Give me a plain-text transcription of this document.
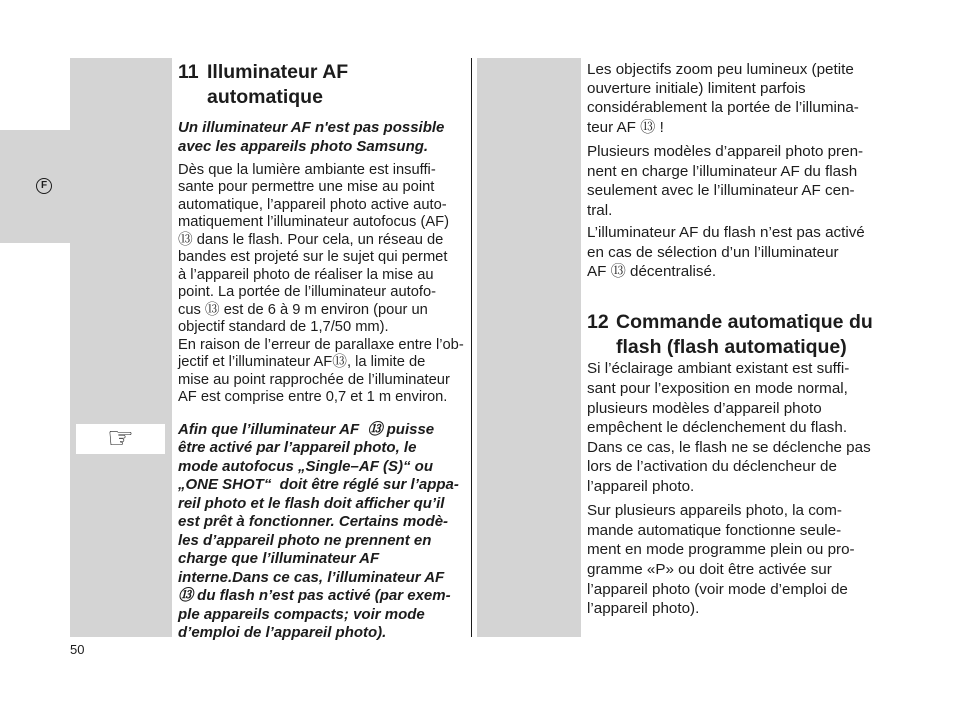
F
☞
11 Illuminateur AF
automatique
Un illuminateur AF n'est pas possible
avec les appareils photo Samsung.
Dès que la lumière ambiante est insuffi-
sante pour permettre une mise au point
automatique, l’appareil photo active auto-
matiquement l’illuminateur autofocus (AF)
⑬ dans le flash. Pour cela, un réseau de
bandes est projeté sur le sujet qui permet
à l’appareil photo de réaliser la mise au
point. La portée de l’illuminateur autofo-
cus ⑬ est de 6 à 9 m environ (pour un
objectif standard de 1,7/50 mm).
En raison de l’erreur de parallaxe entre l’ob-
jectif et l’illuminateur AF⑬, la limite de
mise au point rapprochée de l’illuminateur
AF est comprise entre 0,7 et 1 m environ.
Afin que l’illuminateur AF  ⑬ puisse
être activé par l’appareil photo, le
mode autofocus „Single–AF (S)“ ou
„ONE SHOT“  doit être réglé sur l’appa-
reil photo et le flash doit afficher qu’il
est prêt à fonctionner. Certains modè-
les d’appareil photo ne prennent en
charge que l’illuminateur AF
interne.Dans ce cas, l’illuminateur AF
⑬ du flash n’est pas activé (par exem-
ple appareils compacts; voir mode
d’emploi de l’appareil photo).
Les objectifs zoom peu lumineux (petite
ouverture initiale) limitent parfois
considérablement la portée de l’illumina-
teur AF ⑬ !
Plusieurs modèles d’appareil photo pren-
nent en charge l’illuminateur AF du flash
seulement avec le l’illuminateur AF cen-
tral.
L’illuminateur AF du flash n’est pas activé
en cas de sélection d’un l’illuminateur
AF ⑬ décentralisé.
12 Commande automatique du
flash (flash automatique)
Si l’éclairage ambiant existant est suffi-
sant pour l’exposition en mode normal,
plusieurs modèles d’appareil photo
empêchent le déclenchement du flash.
Dans ce cas, le flash ne se déclenche pas
lors de l’activation du déclencheur de
l’appareil photo.
Sur plusieurs appareils photo, la com-
mande automatique fonctionne seule-
ment en mode programme plein ou pro-
gramme «P» ou doit être activée sur
l’appareil photo (voir mode d’emploi de
l’appareil photo).
50
